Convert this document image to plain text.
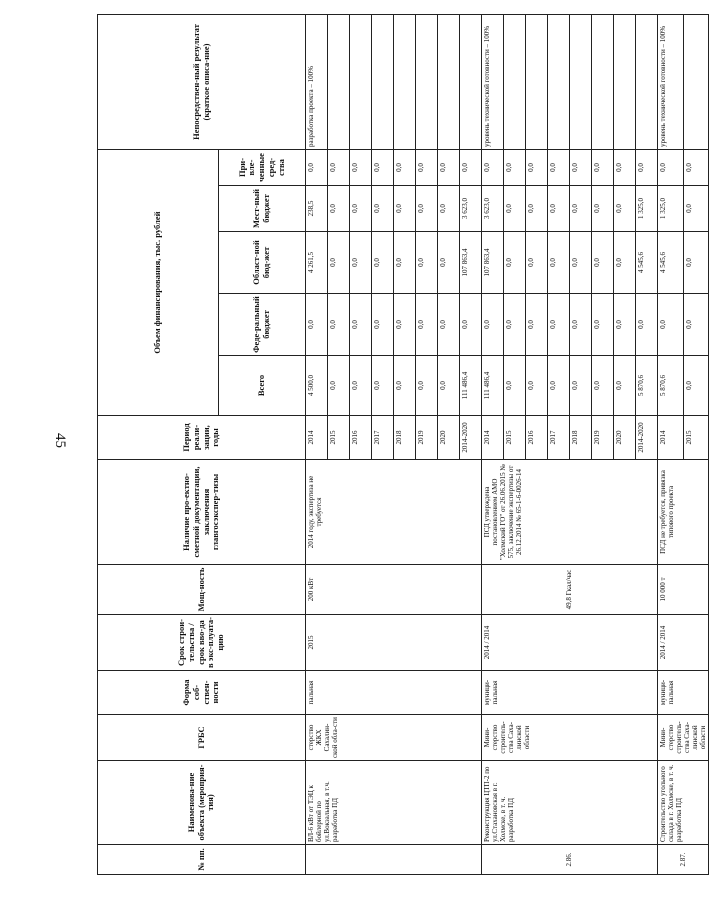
45
№ пп.	Наименова-ние объекта (мероприя-тия)	ГРБС	Форма соб-ствен-ности	Срок строи-тельства / срок вво-да в экс-плуата-цию	Мощ-ность	Наличие про-ектно-сметной документации, заключения главгосэкспер-тизы	Период реали-зации, годы	Объем финансирования, тыс. рублей					Непосредствен-ный результат (краткое описа-ние)
								Всего	Феде-ральный бюджет	Област-ной бюд-жет	Мест-ный бюджет	При-вле-ченные сред-ства	
	ВЛ-6 кВт от ТЭЦ к бойлерной по ул.Вокзальная, в т.ч. разработка ПД	стерство ЖКХ Сахалин-ской обла-сти	пальная	2015	200 кВт	2014 году, экспертиза не требуется	2014	4 500,0	0,0	4 261,5	238,5	0,0	разработка проекта – 100%
							2015	0,0	0,0	0,0	0,0	0,0	
							2016	0,0	0,0	0,0	0,0	0,0	
							2017	0,0	0,0	0,0	0,0	0,0	
							2018	0,0	0,0	0,0	0,0	0,0	
							2019	0,0	0,0	0,0	0,0	0,0	
							2020	0,0	0,0	0,0	0,0	0,0	
							2014-2020	111 486,4	0,0	107 863,4	3 623,0	0,0	
2.86.	Реконструкция ЦТП-2 по ул.Стахановская в г. Холмске, в т. ч. разработка ПД	Мини-стерство строитель-ства Саха-линской области	муници-пальная	2014 / 2014	49,8 Гкал/час	ПСД утверждена постановлением АМО "Холмский ГО" от 26.06.2015 № 575, заключение экспертизы от 26.12.2014 № 65-1-6-0026-14	2014	111 486,4	0,0	107 863,4	3 623,0	0,0	уровень технической готовности – 100%
							2015	0,0	0,0	0,0	0,0	0,0	
							2016	0,0	0,0	0,0	0,0	0,0	
							2017	0,0	0,0	0,0	0,0	0,0	
							2018	0,0	0,0	0,0	0,0	0,0	
							2019	0,0	0,0	0,0	0,0	0,0	
							2020	0,0	0,0	0,0	0,0	0,0	
							2014-2020	5 870,6	0,0	4 545,6	1 325,0	0,0	
2.87.	Строительство угольного склада в г. Холмске, в т. ч. разработка ПД	Мини-стерство строитель-ства Саха-линской области	муници-пальная	2014 / 2014	10 000 т	ПСД не требуется, привязка типового проекта	2014	5 870,6	0,0	4 545,6	1 325,0	0,0	уровень технической готовности – 100%
							2015	0,0	0,0	0,0	0,0	0,0	
